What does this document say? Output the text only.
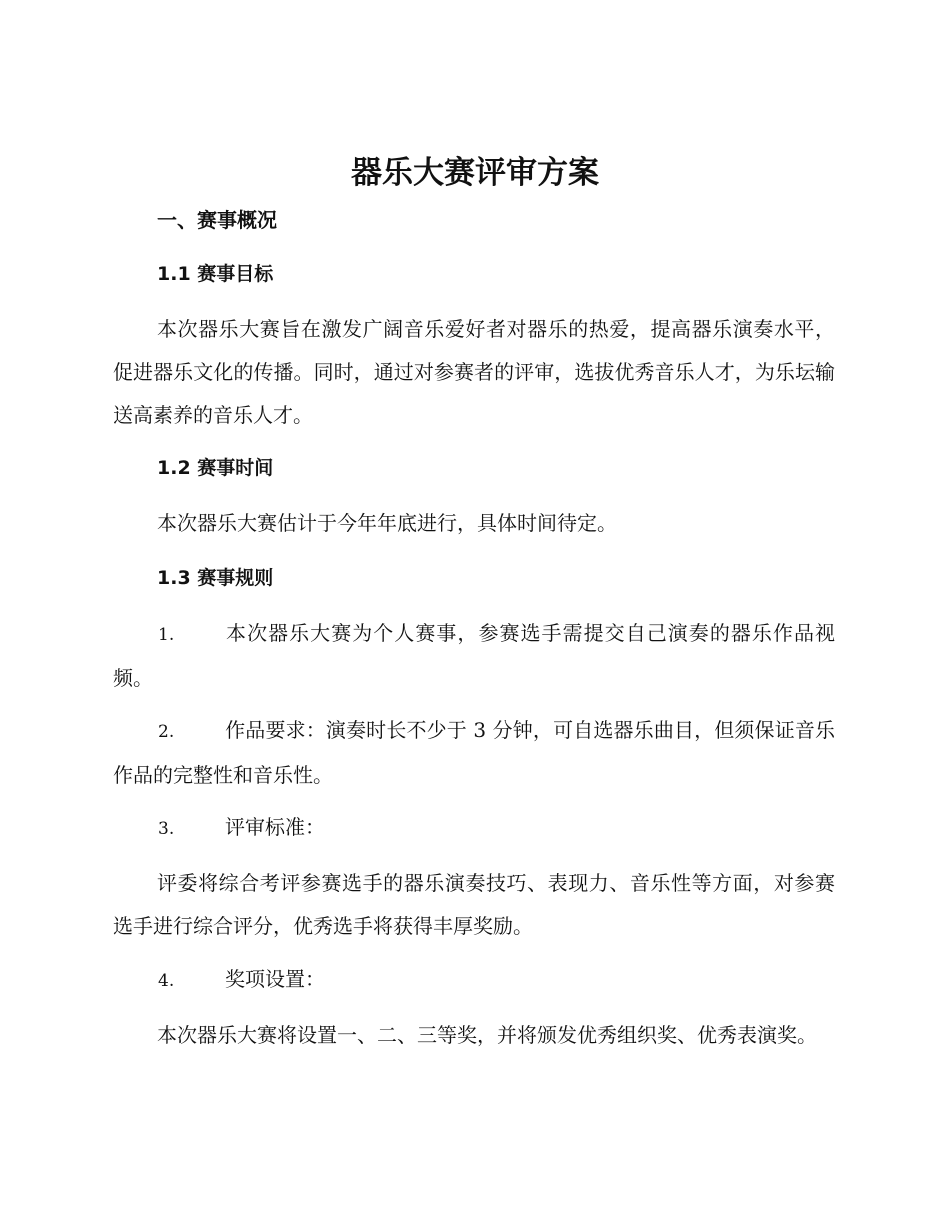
器乐大赛评审方案
一、赛事概况
1.1 赛事目标

本次器乐大赛旨在激发广阔音乐爱好者对器乐的热爱，提高器乐演奏水平，促进器乐文化的传播。同时，通过对参赛者的评审，选拔优秀音乐人才，为乐坛输送高素养的音乐人才。

1.2 赛事时间

本次器乐大赛估计于今年年底进行，具体时间待定。

1.3 赛事规则

1.	本次器乐大赛为个人赛事，参赛选手需提交自己演奏的器乐作品视频。

2.	作品要求：演奏时长不少于 3 分钟，可自选器乐曲目，但须保证音乐作品的完整性和音乐性。

3.	评审标准：

评委将综合考评参赛选手的器乐演奏技巧、表现力、音乐性等方面，对参赛选手进行综合评分，优秀选手将获得丰厚奖励。

4.	奖项设置：

本次器乐大赛将设置一、二、三等奖，并将颁发优秀组织奖、优秀表演奖。
